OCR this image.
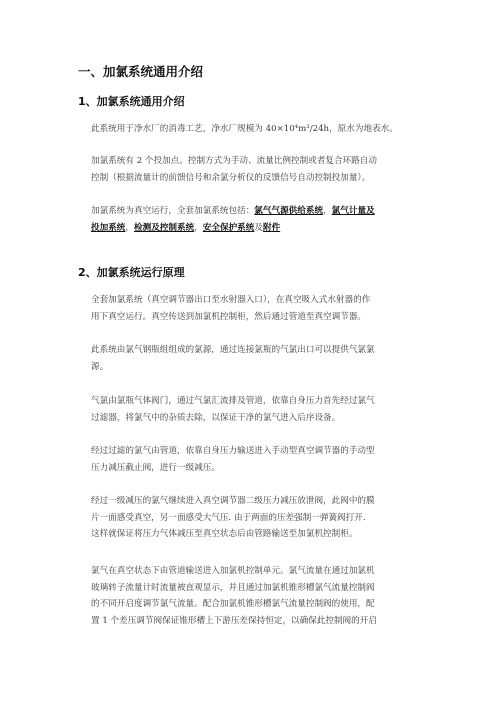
一、加氯系统通用介绍
1、加氯系统通用介绍
此系统用于净水厂的消毒工艺，净水厂规模为 40×10⁴m³/24h，原水为地表水。
加氯系统有 2 个投加点。控制方式为手动、流量比例控制或者复合环路自动
控制（根据流量计的前馈信号和余氯分析仪的反馈信号自动控制投加量）。
加氯系统为真空运行，全套加氯系统包括：氯气气源供给系统，氯气计量及
投加系统，检测及控制系统，安全保护系统及附件
2、加氯系统运行原理
全套加氯系统（真空调节器出口至水射器入口），在真空吸入式水射器的作
用下真空运行。真空传送到加氯机控制柜，然后通过管道至真空调节器。
此系统由氯气钢瓶组组成的氯源，通过连接氯瓶的气氯出口可以提供气氯氯
源。
气氯由氯瓶气体阀门，通过气氯汇流排及管道，依靠自身压力首先经过氯气
过滤器，将氯气中的杂质去除，以保证干净的氯气进入后序设备。
经过过滤的氯气由管道，依靠自身压力输送进入手动型真空调节器的手动型
压力减压截止阀，进行一级减压。
经过一级减压的氯气继续进入真空调节器二级压力减压放泄阀，此阀中的膜
片一面感受真空，另一面感受大气压. 由于两面的压差强制一弹簧阀打开.
这样就保证将压力气体减压至真空状态后由管路输送至加氯机控制柜。
氯气在真空状态下由管道输送进入加氯机控制单元。氯气流量在通过加氯机
玻璃转子流量计时流量被直观显示，并且通过加氯机锥形槽氯气流量控制阀
的不同开启度调节氯气流量。配合加氯机锥形槽氯气流量控制阀的使用，配
置 1 个差压调节阀保证锥形槽上下游压差保持恒定，以确保此控制阀的开启
